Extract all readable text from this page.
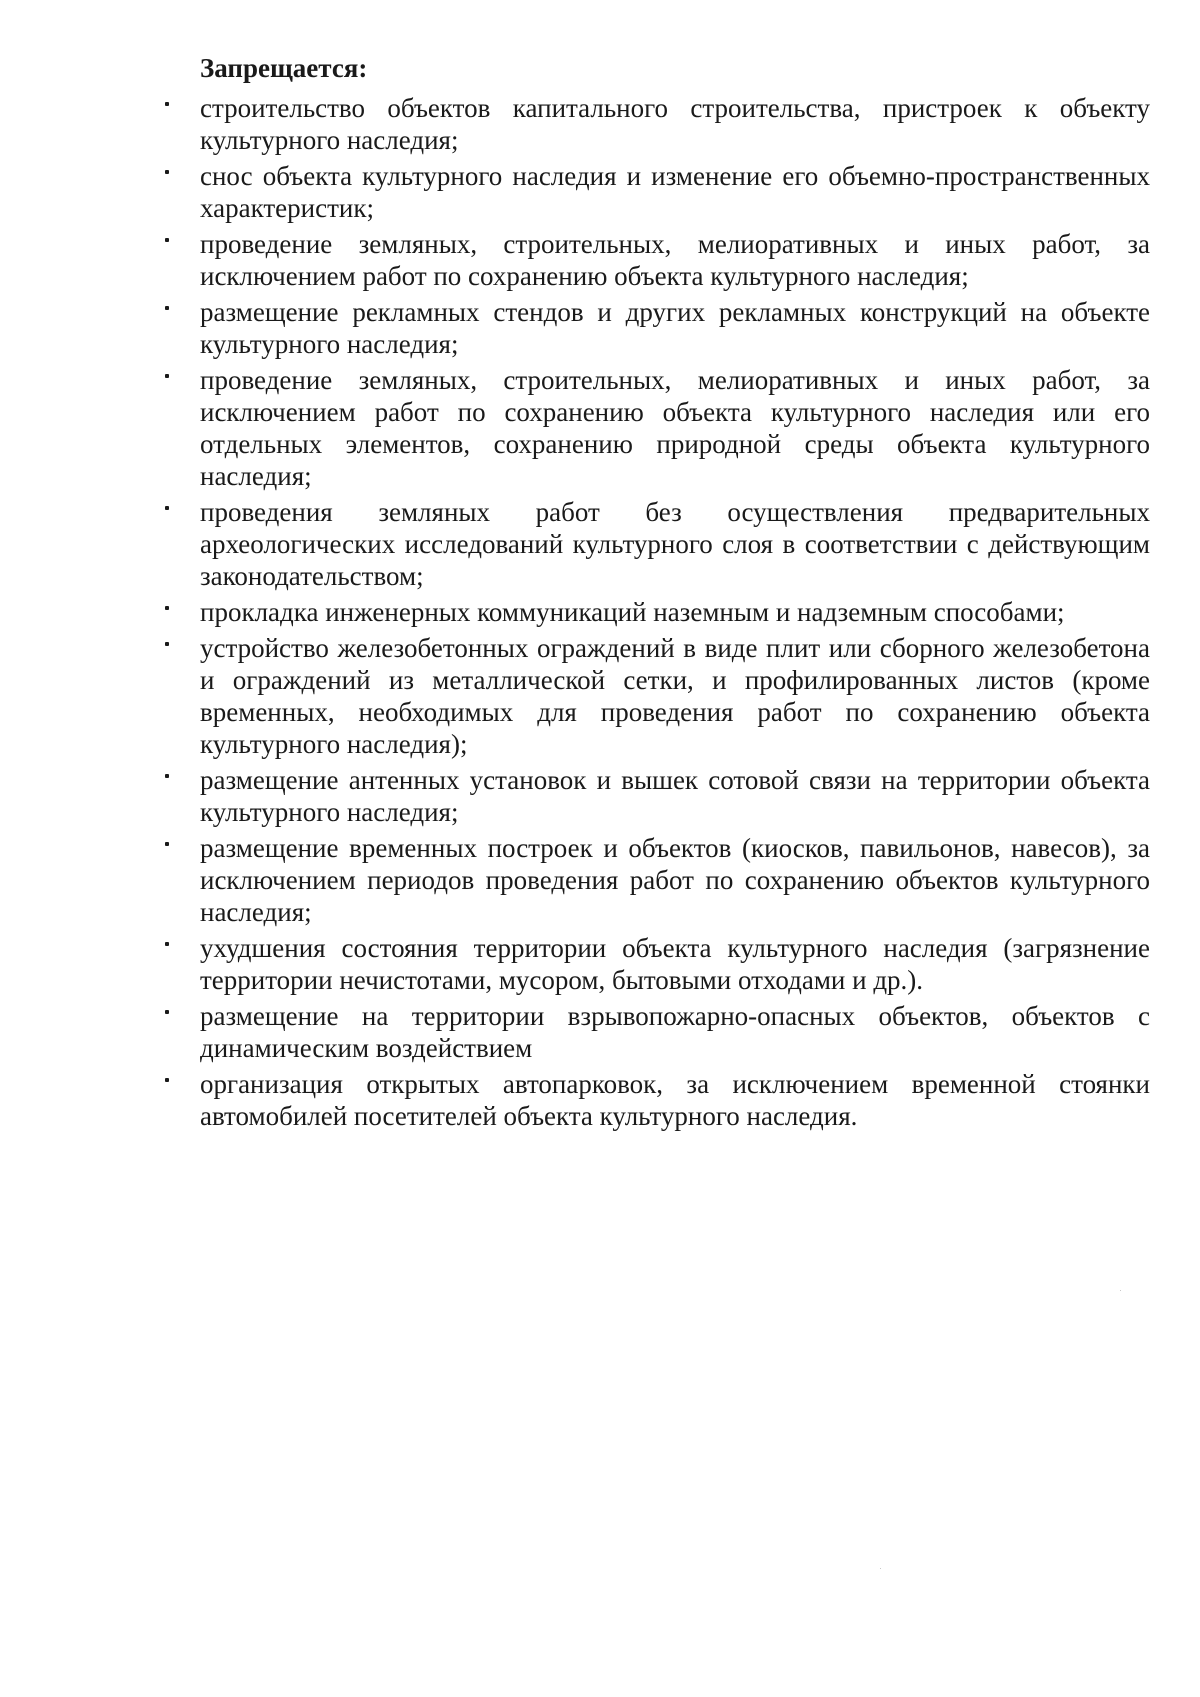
Запрещается:
строительство объектов капитального строительства, пристроек к объекту культурного наследия;
снос объекта культурного наследия и изменение его объемно-пространственных характеристик;
проведение земляных, строительных, мелиоративных и иных работ, за исключением работ по сохранению объекта культурного наследия;
размещение рекламных стендов и других рекламных конструкций на объекте культурного наследия;
проведение земляных, строительных, мелиоративных и иных работ, за исключением работ по сохранению объекта культурного наследия или его отдельных элементов, сохранению природной среды объекта культурного наследия;
проведения земляных работ без осуществления предварительных археологических исследований культурного слоя в соответствии с действующим законодательством;
прокладка инженерных коммуникаций наземным и надземным способами;
устройство железобетонных ограждений в виде плит или сборного железобетона и ограждений из металлической сетки, и профилированных листов (кроме временных, необходимых для проведения работ по сохранению объекта культурного наследия);
размещение антенных установок и вышек сотовой связи на территории объекта культурного наследия;
размещение временных построек и объектов (киосков, павильонов, навесов), за исключением периодов проведения работ по сохранению объектов культурного наследия;
ухудшения состояния территории объекта культурного наследия (загрязнение территории нечистотами, мусором, бытовыми отходами и др.).
размещение на территории взрывопожарно-опасных объектов, объектов с динамическим воздействием
организация открытых автопарковок, за исключением временной стоянки автомобилей посетителей объекта культурного наследия.
